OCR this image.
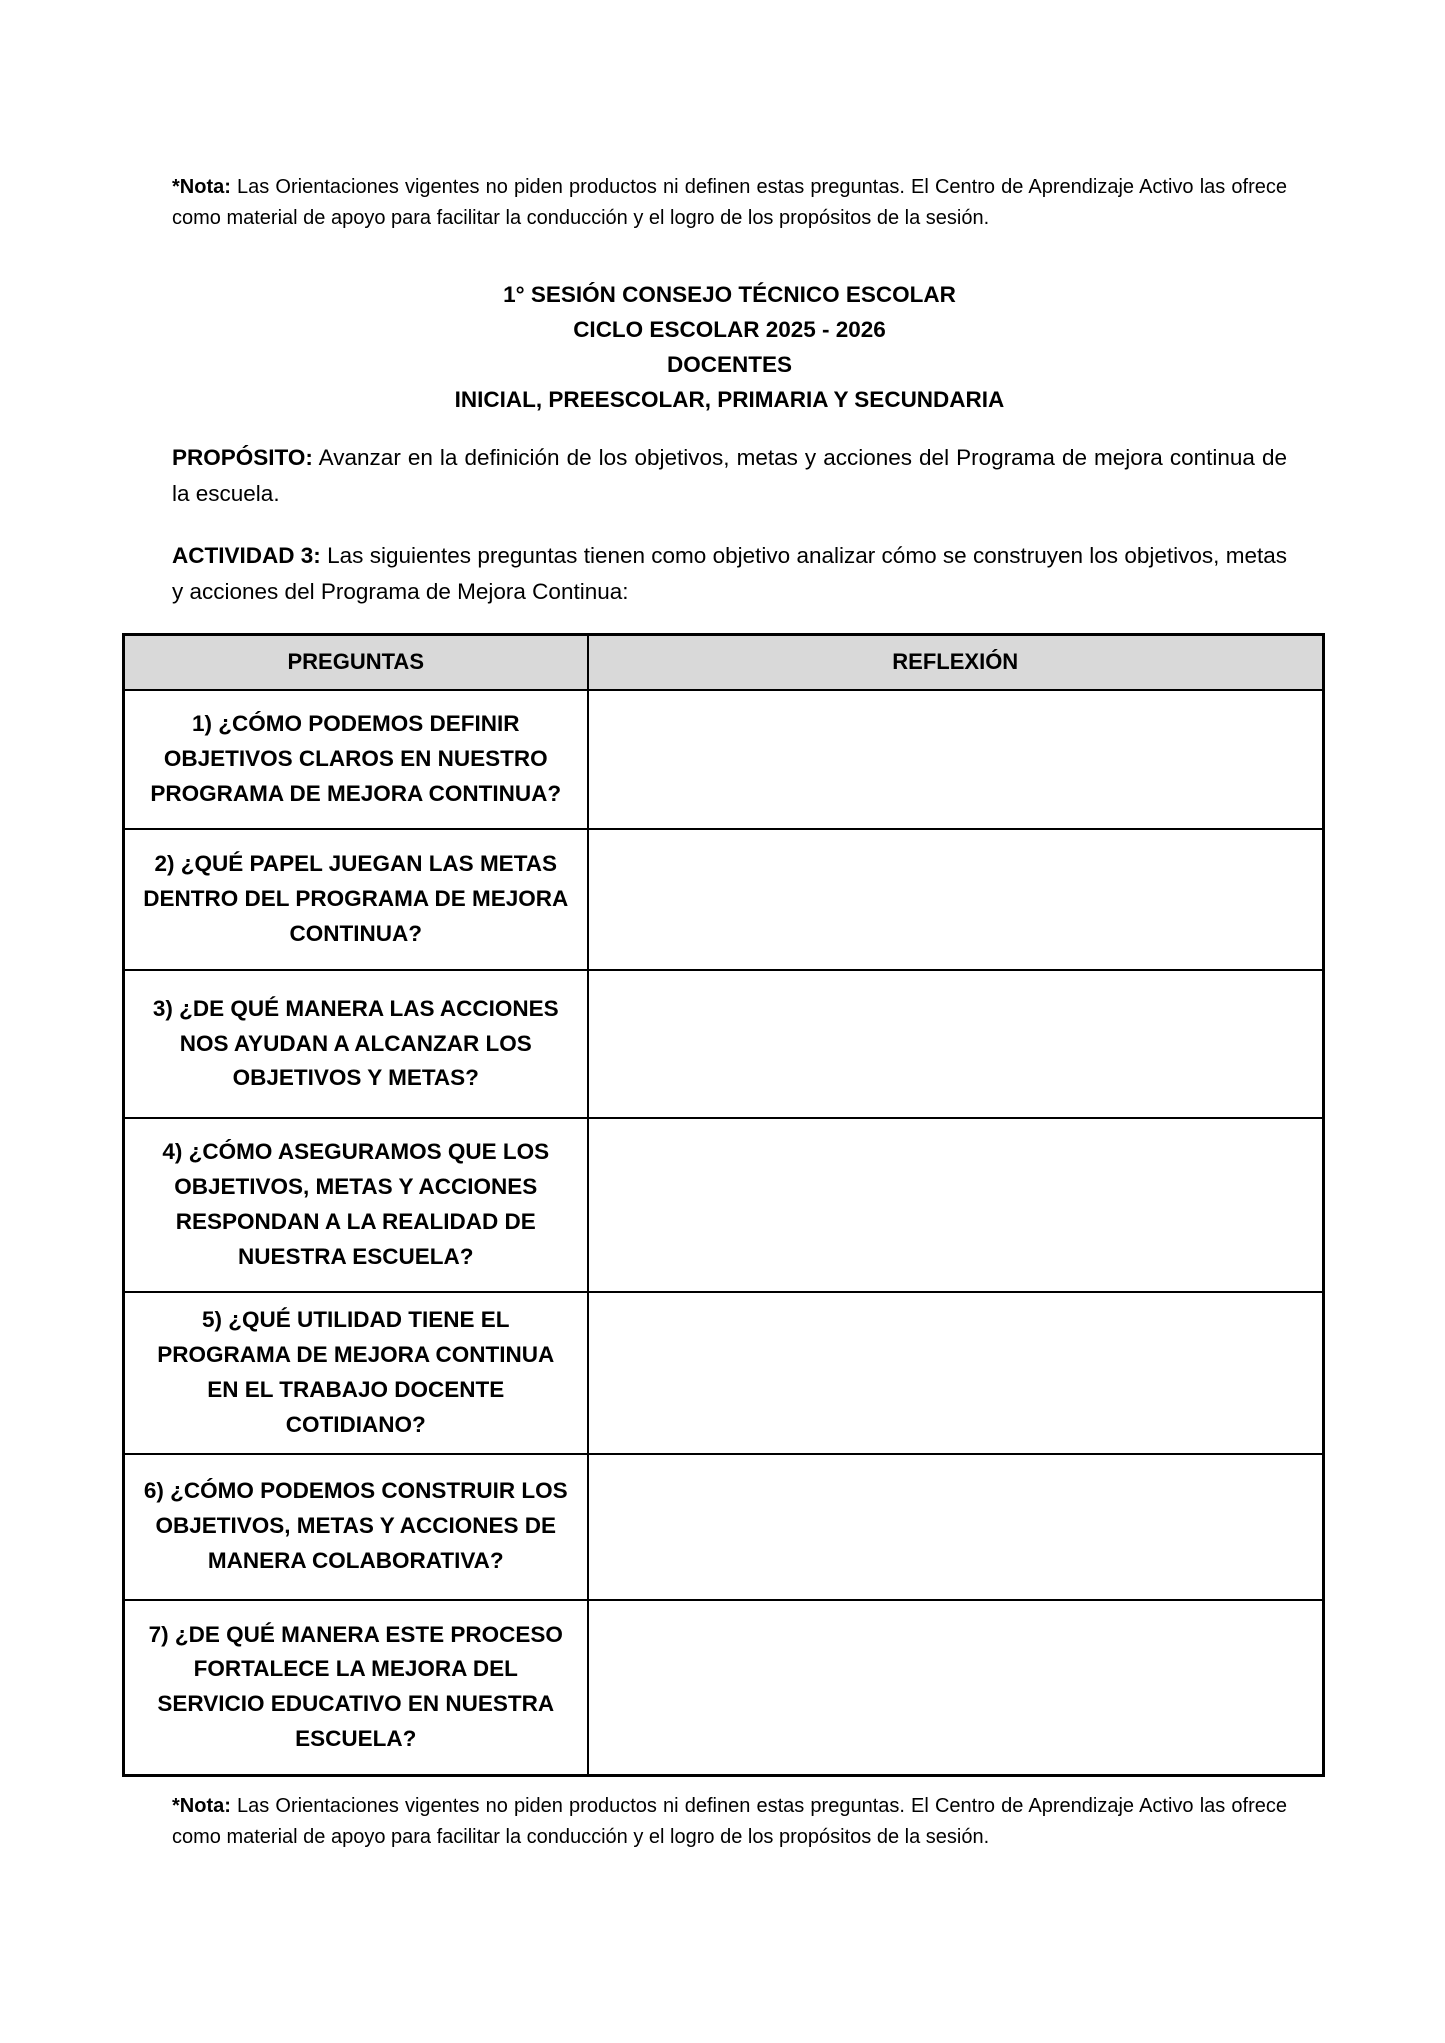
*Nota: Las Orientaciones vigentes no piden productos ni definen estas preguntas. El Centro de Aprendizaje Activo las ofrece como material de apoyo para facilitar la conducción y el logro de los propósitos de la sesión.

1° SESIÓN CONSEJO TÉCNICO ESCOLAR
CICLO ESCOLAR 2025 - 2026
DOCENTES
INICIAL, PREESCOLAR, PRIMARIA Y SECUNDARIA

PROPÓSITO: Avanzar en la definición de los objetivos, metas y acciones del Programa de mejora continua de la escuela.

ACTIVIDAD 3: Las siguientes preguntas tienen como objetivo analizar cómo se construyen los objetivos, metas y acciones del Programa de Mejora Continua:

PREGUNTAS	REFLEXIÓN
1) ¿CÓMO PODEMOS DEFINIR OBJETIVOS CLAROS EN NUESTRO PROGRAMA DE MEJORA CONTINUA?	
2) ¿QUÉ PAPEL JUEGAN LAS METAS DENTRO DEL PROGRAMA DE MEJORA CONTINUA?	
3) ¿DE QUÉ MANERA LAS ACCIONES NOS AYUDAN A ALCANZAR LOS OBJETIVOS Y METAS?	
4) ¿CÓMO ASEGURAMOS QUE LOS OBJETIVOS, METAS Y ACCIONES RESPONDAN A LA REALIDAD DE NUESTRA ESCUELA?	
5) ¿QUÉ UTILIDAD TIENE EL PROGRAMA DE MEJORA CONTINUA EN EL TRABAJO DOCENTE COTIDIANO?	
6) ¿CÓMO PODEMOS CONSTRUIR LOS OBJETIVOS, METAS Y ACCIONES DE MANERA COLABORATIVA?	
7) ¿DE QUÉ MANERA ESTE PROCESO FORTALECE LA MEJORA DEL SERVICIO EDUCATIVO EN NUESTRA ESCUELA?	

*Nota: Las Orientaciones vigentes no piden productos ni definen estas preguntas. El Centro de Aprendizaje Activo las ofrece como material de apoyo para facilitar la conducción y el logro de los propósitos de la sesión.
